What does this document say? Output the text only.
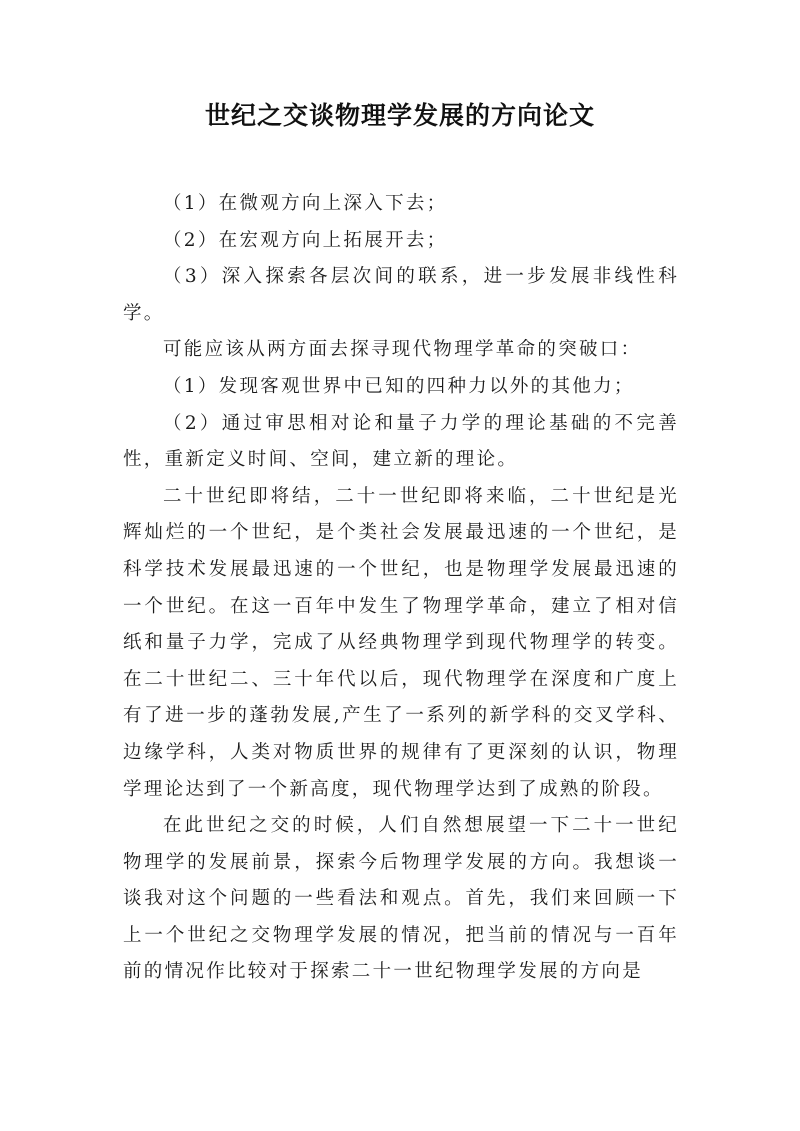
世纪之交谈物理学发展的方向论文

（1）在微观方向上深入下去；

（2）在宏观方向上拓展开去；

（3）深入探索各层次间的联系，进一步发展非线性科学。

可能应该从两方面去探寻现代物理学革命的突破口：

（1）发现客观世界中已知的四种力以外的其他力；

（2）通过审思相对论和量子力学的理论基础的不完善性，重新定义时间、空间，建立新的理论。

二十世纪即将结，二十一世纪即将来临，二十世纪是光辉灿烂的一个世纪，是个类社会发展最迅速的一个世纪，是科学技术发展最迅速的一个世纪，也是物理学发展最迅速的一个世纪。在这一百年中发生了物理学革命，建立了相对信纸和量子力学，完成了从经典物理学到现代物理学的转变。在二十世纪二、三十年代以后，现代物理学在深度和广度上有了进一步的蓬勃发展,产生了一系列的新学科的交叉学科、边缘学科，人类对物质世界的规律有了更深刻的认识，物理学理论达到了一个新高度，现代物理学达到了成熟的阶段。

在此世纪之交的时候，人们自然想展望一下二十一世纪物理学的发展前景，探索今后物理学发展的方向。我想谈一谈我对这个问题的一些看法和观点。首先，我们来回顾一下上一个世纪之交物理学发展的情况，把当前的情况与一百年前的情况作比较对于探索二十一世纪物理学发展的方向是
